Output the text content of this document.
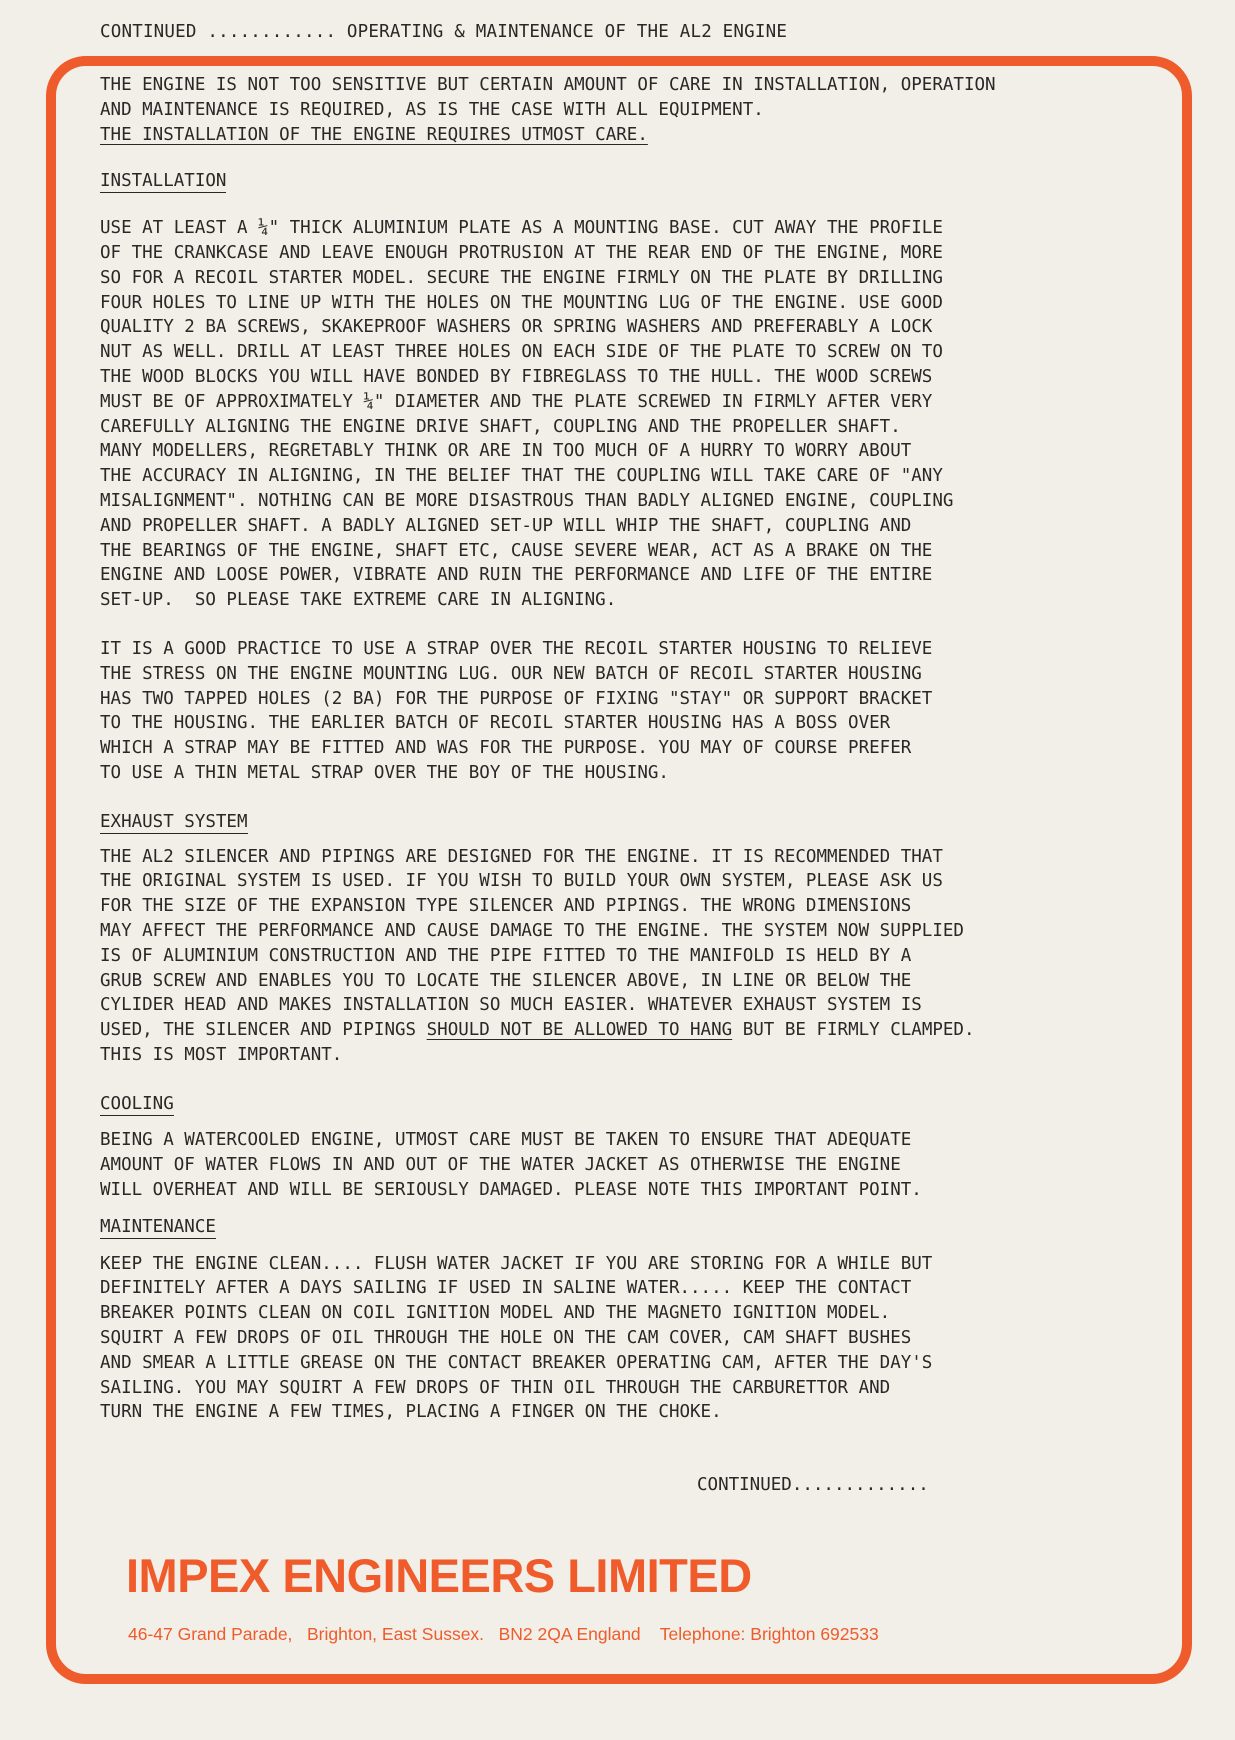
CONTINUED ............ OPERATING & MAINTENANCE OF THE AL2 ENGINE

THE ENGINE IS NOT TOO SENSITIVE BUT CERTAIN AMOUNT OF CARE IN INSTALLATION, OPERATION

AND MAINTENANCE IS REQUIRED, AS IS THE CASE WITH ALL EQUIPMENT.

THE INSTALLATION OF THE ENGINE REQUIRES UTMOST CARE.

INSTALLATION

USE AT LEAST A ¼" THICK ALUMINIUM PLATE AS A MOUNTING BASE. CUT AWAY THE PROFILE

OF THE CRANKCASE AND LEAVE ENOUGH PROTRUSION AT THE REAR END OF THE ENGINE, MORE

SO FOR A RECOIL STARTER MODEL. SECURE THE ENGINE FIRMLY ON THE PLATE BY DRILLING

FOUR HOLES TO LINE UP WITH THE HOLES ON THE MOUNTING LUG OF THE ENGINE. USE GOOD

QUALITY 2 BA SCREWS, SKAKEPROOF WASHERS OR SPRING WASHERS AND PREFERABLY A LOCK

NUT AS WELL. DRILL AT LEAST THREE HOLES ON EACH SIDE OF THE PLATE TO SCREW ON TO

THE WOOD BLOCKS YOU WILL HAVE BONDED BY FIBREGLASS TO THE HULL. THE WOOD SCREWS

MUST BE OF APPROXIMATELY ¼" DIAMETER AND THE PLATE SCREWED IN FIRMLY AFTER VERY

CAREFULLY ALIGNING THE ENGINE DRIVE SHAFT, COUPLING AND THE PROPELLER SHAFT.

MANY MODELLERS, REGRETABLY THINK OR ARE IN TOO MUCH OF A HURRY TO WORRY ABOUT

THE ACCURACY IN ALIGNING, IN THE BELIEF THAT THE COUPLING WILL TAKE CARE OF "ANY

MISALIGNMENT". NOTHING CAN BE MORE DISASTROUS THAN BADLY ALIGNED ENGINE, COUPLING

AND PROPELLER SHAFT. A BADLY ALIGNED SET-UP WILL WHIP THE SHAFT, COUPLING AND

THE BEARINGS OF THE ENGINE, SHAFT ETC, CAUSE SEVERE WEAR, ACT AS A BRAKE ON THE

ENGINE AND LOOSE POWER, VIBRATE AND RUIN THE PERFORMANCE AND LIFE OF THE ENTIRE

SET-UP.  SO PLEASE TAKE EXTREME CARE IN ALIGNING.

IT IS A GOOD PRACTICE TO USE A STRAP OVER THE RECOIL STARTER HOUSING TO RELIEVE

THE STRESS ON THE ENGINE MOUNTING LUG. OUR NEW BATCH OF RECOIL STARTER HOUSING

HAS TWO TAPPED HOLES (2 BA) FOR THE PURPOSE OF FIXING "STAY" OR SUPPORT BRACKET

TO THE HOUSING. THE EARLIER BATCH OF RECOIL STARTER HOUSING HAS A BOSS OVER

WHICH A STRAP MAY BE FITTED AND WAS FOR THE PURPOSE. YOU MAY OF COURSE PREFER

TO USE A THIN METAL STRAP OVER THE BOY OF THE HOUSING.

EXHAUST SYSTEM

THE AL2 SILENCER AND PIPINGS ARE DESIGNED FOR THE ENGINE. IT IS RECOMMENDED THAT

THE ORIGINAL SYSTEM IS USED. IF YOU WISH TO BUILD YOUR OWN SYSTEM, PLEASE ASK US

FOR THE SIZE OF THE EXPANSION TYPE SILENCER AND PIPINGS. THE WRONG DIMENSIONS

MAY AFFECT THE PERFORMANCE AND CAUSE DAMAGE TO THE ENGINE. THE SYSTEM NOW SUPPLIED

IS OF ALUMINIUM CONSTRUCTION AND THE PIPE FITTED TO THE MANIFOLD IS HELD BY A

GRUB SCREW AND ENABLES YOU TO LOCATE THE SILENCER ABOVE, IN LINE OR BELOW THE

CYLIDER HEAD AND MAKES INSTALLATION SO MUCH EASIER. WHATEVER EXHAUST SYSTEM IS

USED, THE SILENCER AND PIPINGS SHOULD NOT BE ALLOWED TO HANG BUT BE FIRMLY CLAMPED.

THIS IS MOST IMPORTANT.

COOLING

BEING A WATERCOOLED ENGINE, UTMOST CARE MUST BE TAKEN TO ENSURE THAT ADEQUATE

AMOUNT OF WATER FLOWS IN AND OUT OF THE WATER JACKET AS OTHERWISE THE ENGINE

WILL OVERHEAT AND WILL BE SERIOUSLY DAMAGED. PLEASE NOTE THIS IMPORTANT POINT.

MAINTENANCE

KEEP THE ENGINE CLEAN.... FLUSH WATER JACKET IF YOU ARE STORING FOR A WHILE BUT

DEFINITELY AFTER A DAYS SAILING IF USED IN SALINE WATER..... KEEP THE CONTACT

BREAKER POINTS CLEAN ON COIL IGNITION MODEL AND THE MAGNETO IGNITION MODEL.

SQUIRT A FEW DROPS OF OIL THROUGH THE HOLE ON THE CAM COVER, CAM SHAFT BUSHES

AND SMEAR A LITTLE GREASE ON THE CONTACT BREAKER OPERATING CAM, AFTER THE DAY'S

SAILING. YOU MAY SQUIRT A FEW DROPS OF THIN OIL THROUGH THE CARBURETTOR AND

TURN THE ENGINE A FEW TIMES, PLACING A FINGER ON THE CHOKE.

CONTINUED.............
IMPEX ENGINEERS LIMITED
46-47 Grand Parade,   Brighton, East Sussex.   BN2 2QA England    Telephone: Brighton 692533
